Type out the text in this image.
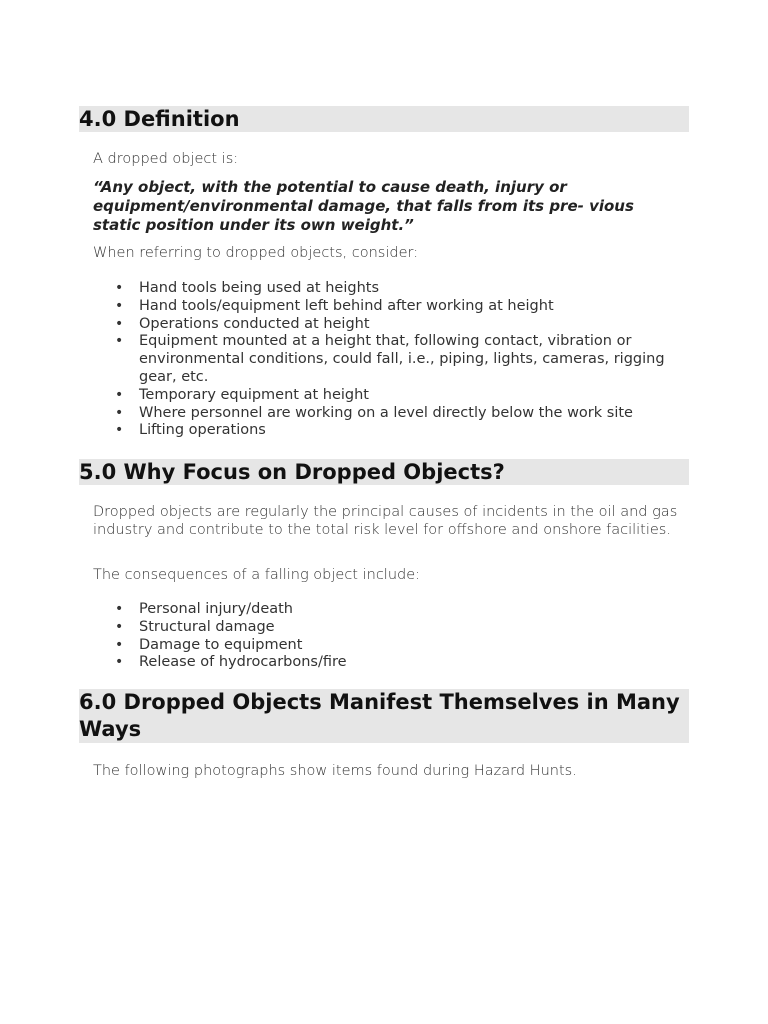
4.0 Definition
A dropped object is:
“Any object, with the potential to cause death, injury or equipment/environmental damage, that falls from its pre- vious static position under its own weight.”
When referring to dropped objects, consider:
• Hand tools being used at heights
• Hand tools/equipment left behind after working at height
• Operations conducted at height
• Equipment mounted at a height that, following contact, vibration or environmental conditions, could fall, i.e., piping, lights, cameras, rigging gear, etc.
• Temporary equipment at height
• Where personnel are working on a level directly below the work site
• Lifting operations
5.0 Why Focus on Dropped Objects?
Dropped objects are regularly the principal causes of incidents in the oil and gas industry and contribute to the total risk level for offshore and onshore facilities.
The consequences of a falling object include:
• Personal injury/death
• Structural damage
• Damage to equipment
• Release of hydrocarbons/fire
6.0 Dropped Objects Manifest Themselves in Many Ways
The following photographs show items found during Hazard Hunts.
